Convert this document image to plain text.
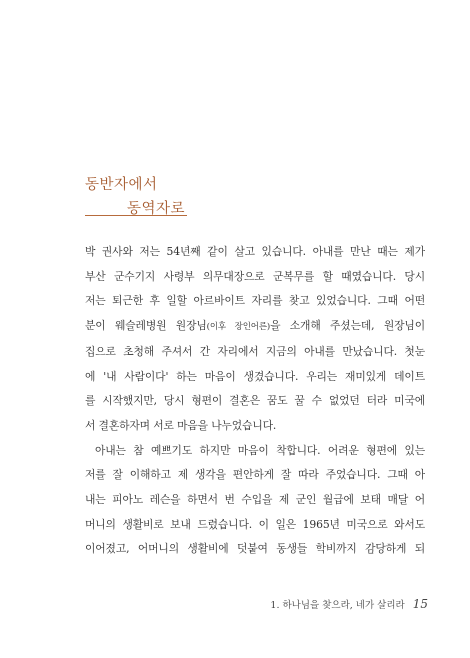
동반자에서
동역자로
박 권사와 저는 54년째 같이 살고 있습니다. 아내를 만난 때는 제가
부산 군수기지 사령부 의무대장으로 군복무를 할 때였습니다. 당시
저는 퇴근한 후 일할 아르바이트 자리를 찾고 있었습니다. 그때 어떤
분이 웨슬레병원 원장님(이후 장인어른)을 소개해 주셨는데, 원장님이
집으로 초청해 주셔서 간 자리에서 지금의 아내를 만났습니다. 첫눈
에 '내 사람이다' 하는 마음이 생겼습니다. 우리는 재미있게 데이트
를 시작했지만, 당시 형편이 결혼은 꿈도 꿀 수 없었던 터라 미국에
서 결혼하자며 서로 마음을 나누었습니다.
아내는 참 예쁘기도 하지만 마음이 착합니다. 어려운 형편에 있는
저를 잘 이해하고 제 생각을 편안하게 잘 따라 주었습니다. 그때 아
내는 피아노 레슨을 하면서 번 수입을 제 군인 월급에 보태 매달 어
머니의 생활비로 보내 드렸습니다. 이 일은 1965년 미국으로 와서도
이어졌고, 어머니의 생활비에 덧붙여 동생들 학비까지 감당하게 되
1. 하나님을 찾으라, 네가 살리라 15
